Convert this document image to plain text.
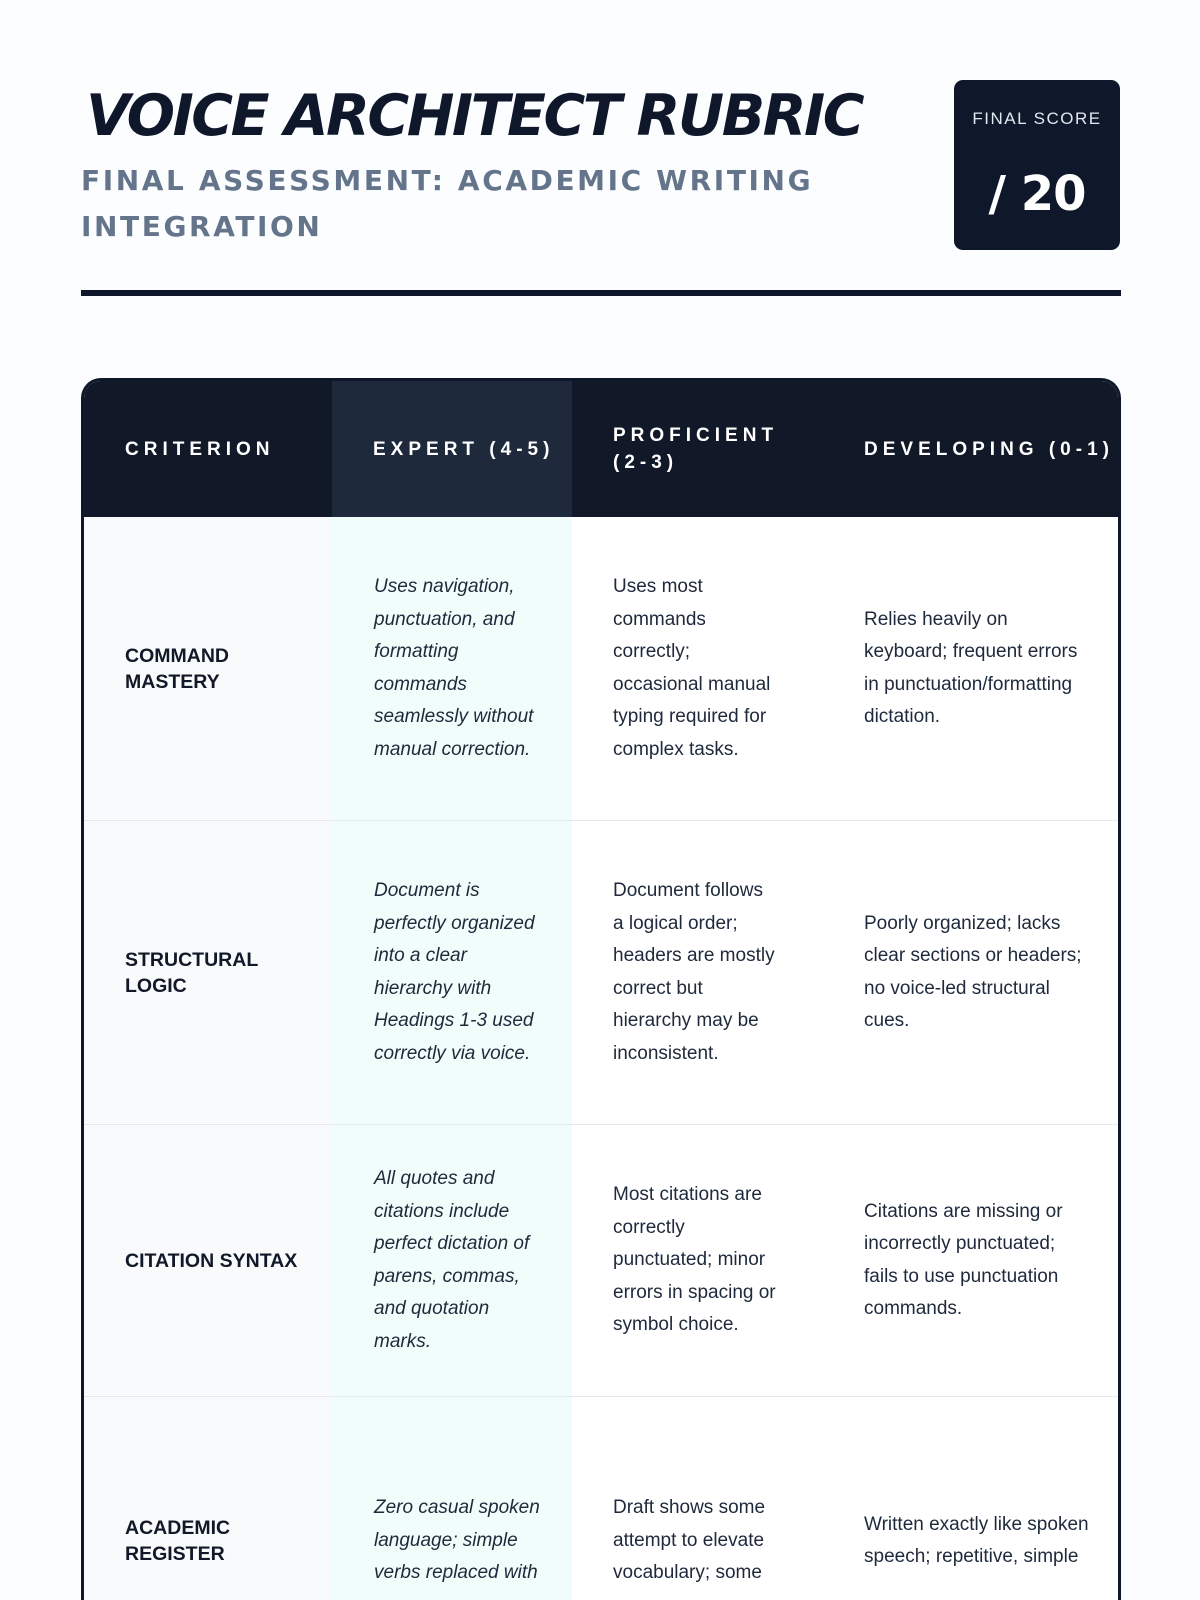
VOICE ARCHITECT RUBRIC

FINAL ASSESSMENT: ACADEMIC WRITING INTEGRATION

FINAL SCORE
/ 20
CRITERION	EXPERT (4-5)
PROFICIENT (2-3)
DEVELOPING (0-1)
COMMAND MASTERY
Uses navigation, punctuation, and formatting commands seamlessly without manual correction.
Uses most commands correctly; occasional manual typing required for complex tasks.
Relies heavily on keyboard; frequent errors in punctuation/formatting dictation.
STRUCTURAL LOGIC
Document is perfectly organized into a clear hierarchy with Headings 1-3 used correctly via voice.
Document follows a logical order; headers are mostly correct but hierarchy may be inconsistent.
Poorly organized; lacks clear sections or headers; no voice-led structural cues.
CITATION SYNTAX
All quotes and citations include perfect dictation of parens, commas, and quotation marks.
Most citations are correctly punctuated; minor errors in spacing or symbol choice.
Citations are missing or incorrectly punctuated; fails to use punctuation commands.
ACADEMIC REGISTER
Zero casual spoken language; simple verbs replaced with
Draft shows some attempt to elevate vocabulary; some
Written exactly like spoken speech; repetitive, simple
